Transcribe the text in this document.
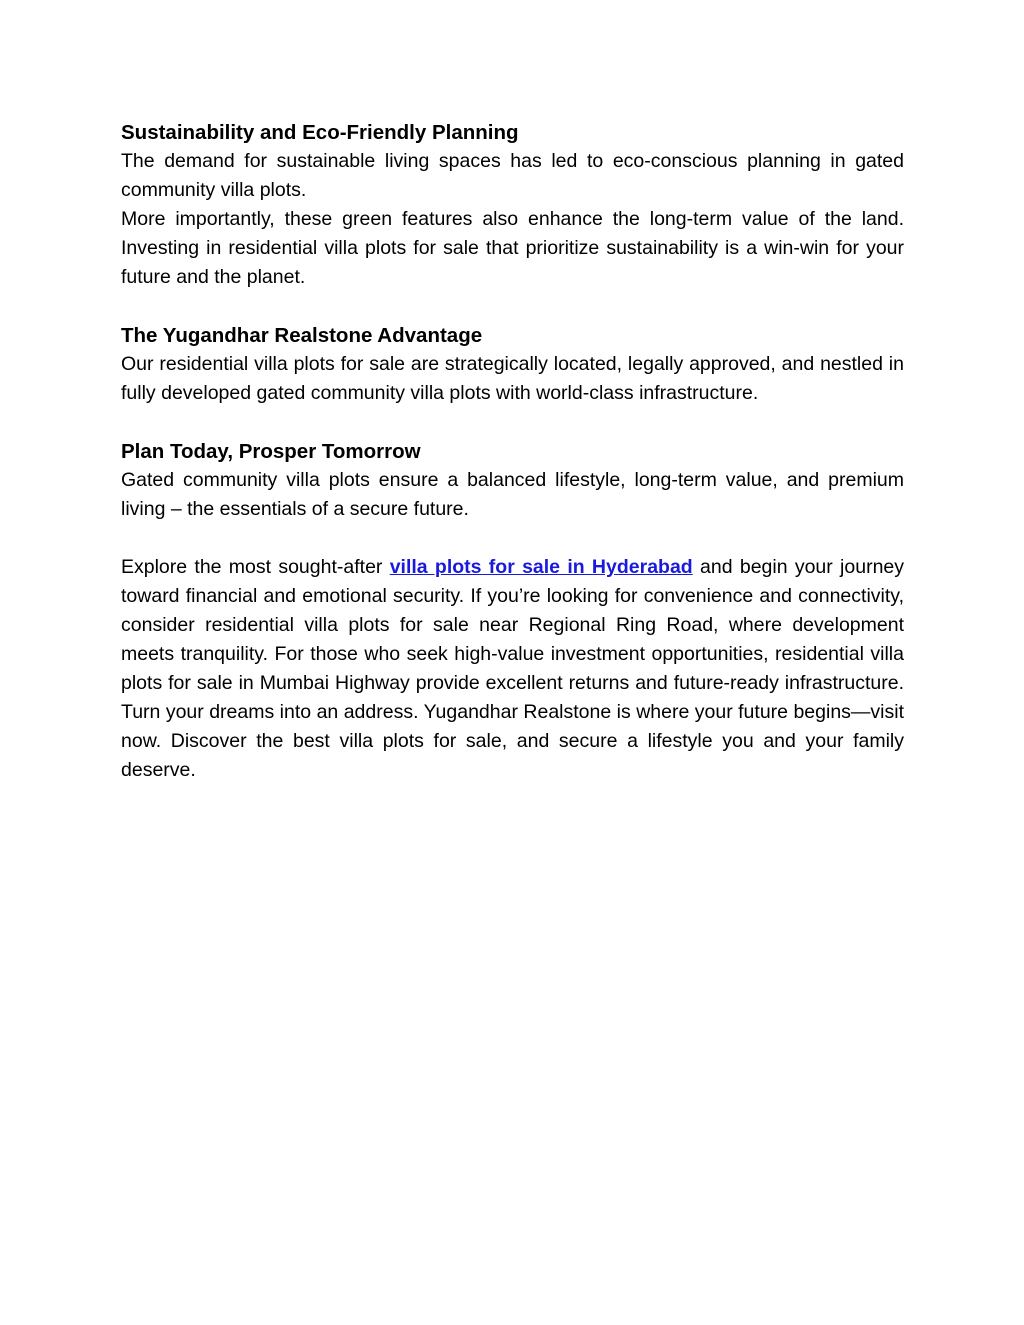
Sustainability and Eco-Friendly Planning

The demand for sustainable living spaces has led to eco-conscious planning in gated community villa plots.

More importantly, these green features also enhance the long-term value of the land. Investing in residential villa plots for sale that prioritize sustainability is a win-win for your future and the planet.

The Yugandhar Realstone Advantage

Our residential villa plots for sale are strategically located, legally approved, and nestled in fully developed gated community villa plots with world-class infrastructure.

Plan Today, Prosper Tomorrow

Gated community villa plots ensure a balanced lifestyle, long-term value, and premium living – the essentials of a secure future.

Explore the most sought-after villa plots for sale in Hyderabad and begin your journey toward financial and emotional security. If you’re looking for convenience and connectivity, consider residential villa plots for sale near Regional Ring Road, where development meets tranquility. For those who seek high-value investment opportunities, residential villa plots for sale in Mumbai Highway provide excellent returns and future-ready infrastructure. Turn your dreams into an address. Yugandhar Realstone is where your future begins—visit now. Discover the best villa plots for sale, and secure a lifestyle you and your family deserve.
